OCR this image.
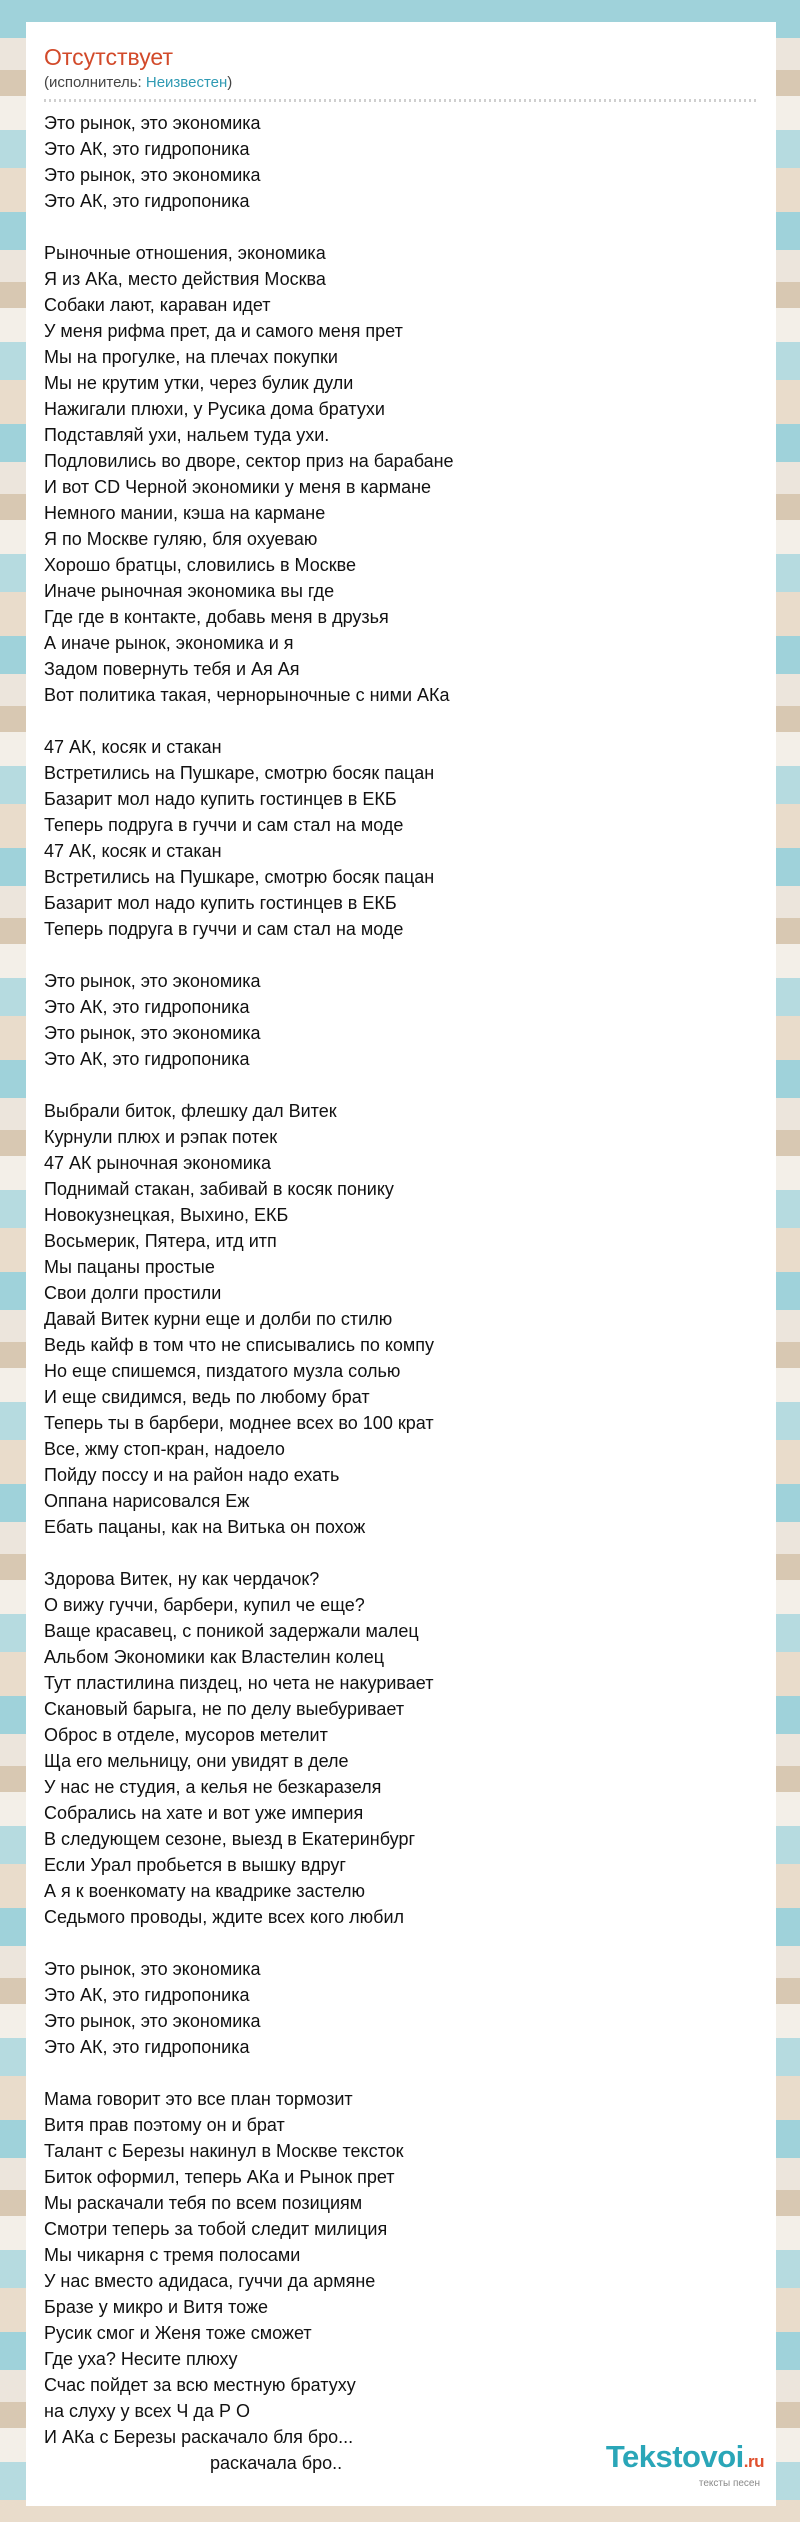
Отсутствует
(исполнитель: Неизвестен)
Это рынок, это экономика
Это АК, это гидропоника
Это рынок, это экономика
Это АК, это гидропоника
Рыночные отношения, экономика
Я из АКа, место действия Москва
Собаки лают, караван идет
У меня рифма прет, да и самого меня прет
Мы на прогулке, на плечах покупки
Мы не крутим утки, через булик дули
Нажигали плюхи, у Русика дома братухи
Подставляй ухи, нальем туда ухи.
Подловились во дворе, сектор приз на барабане
И вот CD Черной экономики у меня в кармане
Немного мании, кэша на кармане
Я по Москве гуляю, бля охуеваю
Хорошо братцы, словились в Москве
Иначе рыночная экономика вы где
Где где в контакте, добавь меня в друзья
А иначе рынок, экономика и я
Задом повернуть тебя и Ая Ая
Вот политика такая, чернорыночные с ними АКа
47 АК, косяк и стакан
Встретились на Пушкаре, смотрю босяк пацан
Базарит мол надо купить гостинцев в ЕКБ
Теперь подруга в гуччи и сам стал на моде
47 АК, косяк и стакан
Встретились на Пушкаре, смотрю босяк пацан
Базарит мол надо купить гостинцев в ЕКБ
Теперь подруга в гуччи и сам стал на моде
Это рынок, это экономика
Это АК, это гидропоника
Это рынок, это экономика
Это АК, это гидропоника
Выбрали биток, флешку дал Витек
Курнули плюх и рэпак потек
47 АК рыночная экономика
Поднимай стакан, забивай в косяк понику
Новокузнецкая, Выхино, ЕКБ
Восьмерик, Пятера, итд итп
Мы пацаны простые
Свои долги простили
Давай Витек курни еще и долби по стилю
Ведь кайф в том что не списывались по компу
Но еще спишемся, пиздатого музла солью
И еще свидимся, ведь по любому брат
Теперь ты в барбери, моднее всех во 100 крат
Все, жму стоп-кран, надоело
Пойду поссу и на район надо ехать
Оппана нарисовался Еж
Ебать пацаны, как на Витька он похож
Здорова Витек, ну как чердачок?
О вижу гуччи, барбери, купил че еще?
Ваще красавец, с поникой задержали малец
Альбом Экономики как Властелин колец
Тут пластилина пиздец, но чета не накуривает
Скановый барыга, не по делу выебуривает
Оброс в отделе, мусоров метелит
Ща его мельницу, они увидят в деле
У нас не студия, а келья не безкаразеля
Собрались на хате и вот уже империя
В следующем сезоне, выезд в Екатеринбург
Если Урал пробьется в вышку вдруг
А я к военкомату на квадрике застелю
Седьмого проводы, ждите всех кого любил
Это рынок, это экономика
Это АК, это гидропоника
Это рынок, это экономика
Это АК, это гидропоника
Мама говорит это все план тормозит
Витя прав поэтому он и брат
Талант с Березы накинул в Москве тексток
Биток оформил, теперь АКа и Рынок прет
Мы раскачали тебя по всем позициям
Смотри теперь за тобой следит милиция
Мы чикарня с тремя полосами
У нас вместо адидаса, гуччи да армяне
Бразе у микро и Витя тоже
Русик смог и Женя тоже сможет
Где уха? Несите плюху
Счас пойдет за всю местную братуху
на слуху у всех Ч да Р О
И АКа с Березы раскачало бля бро...
раскачала бро..	Tekstovoi.ru
тексты песен
